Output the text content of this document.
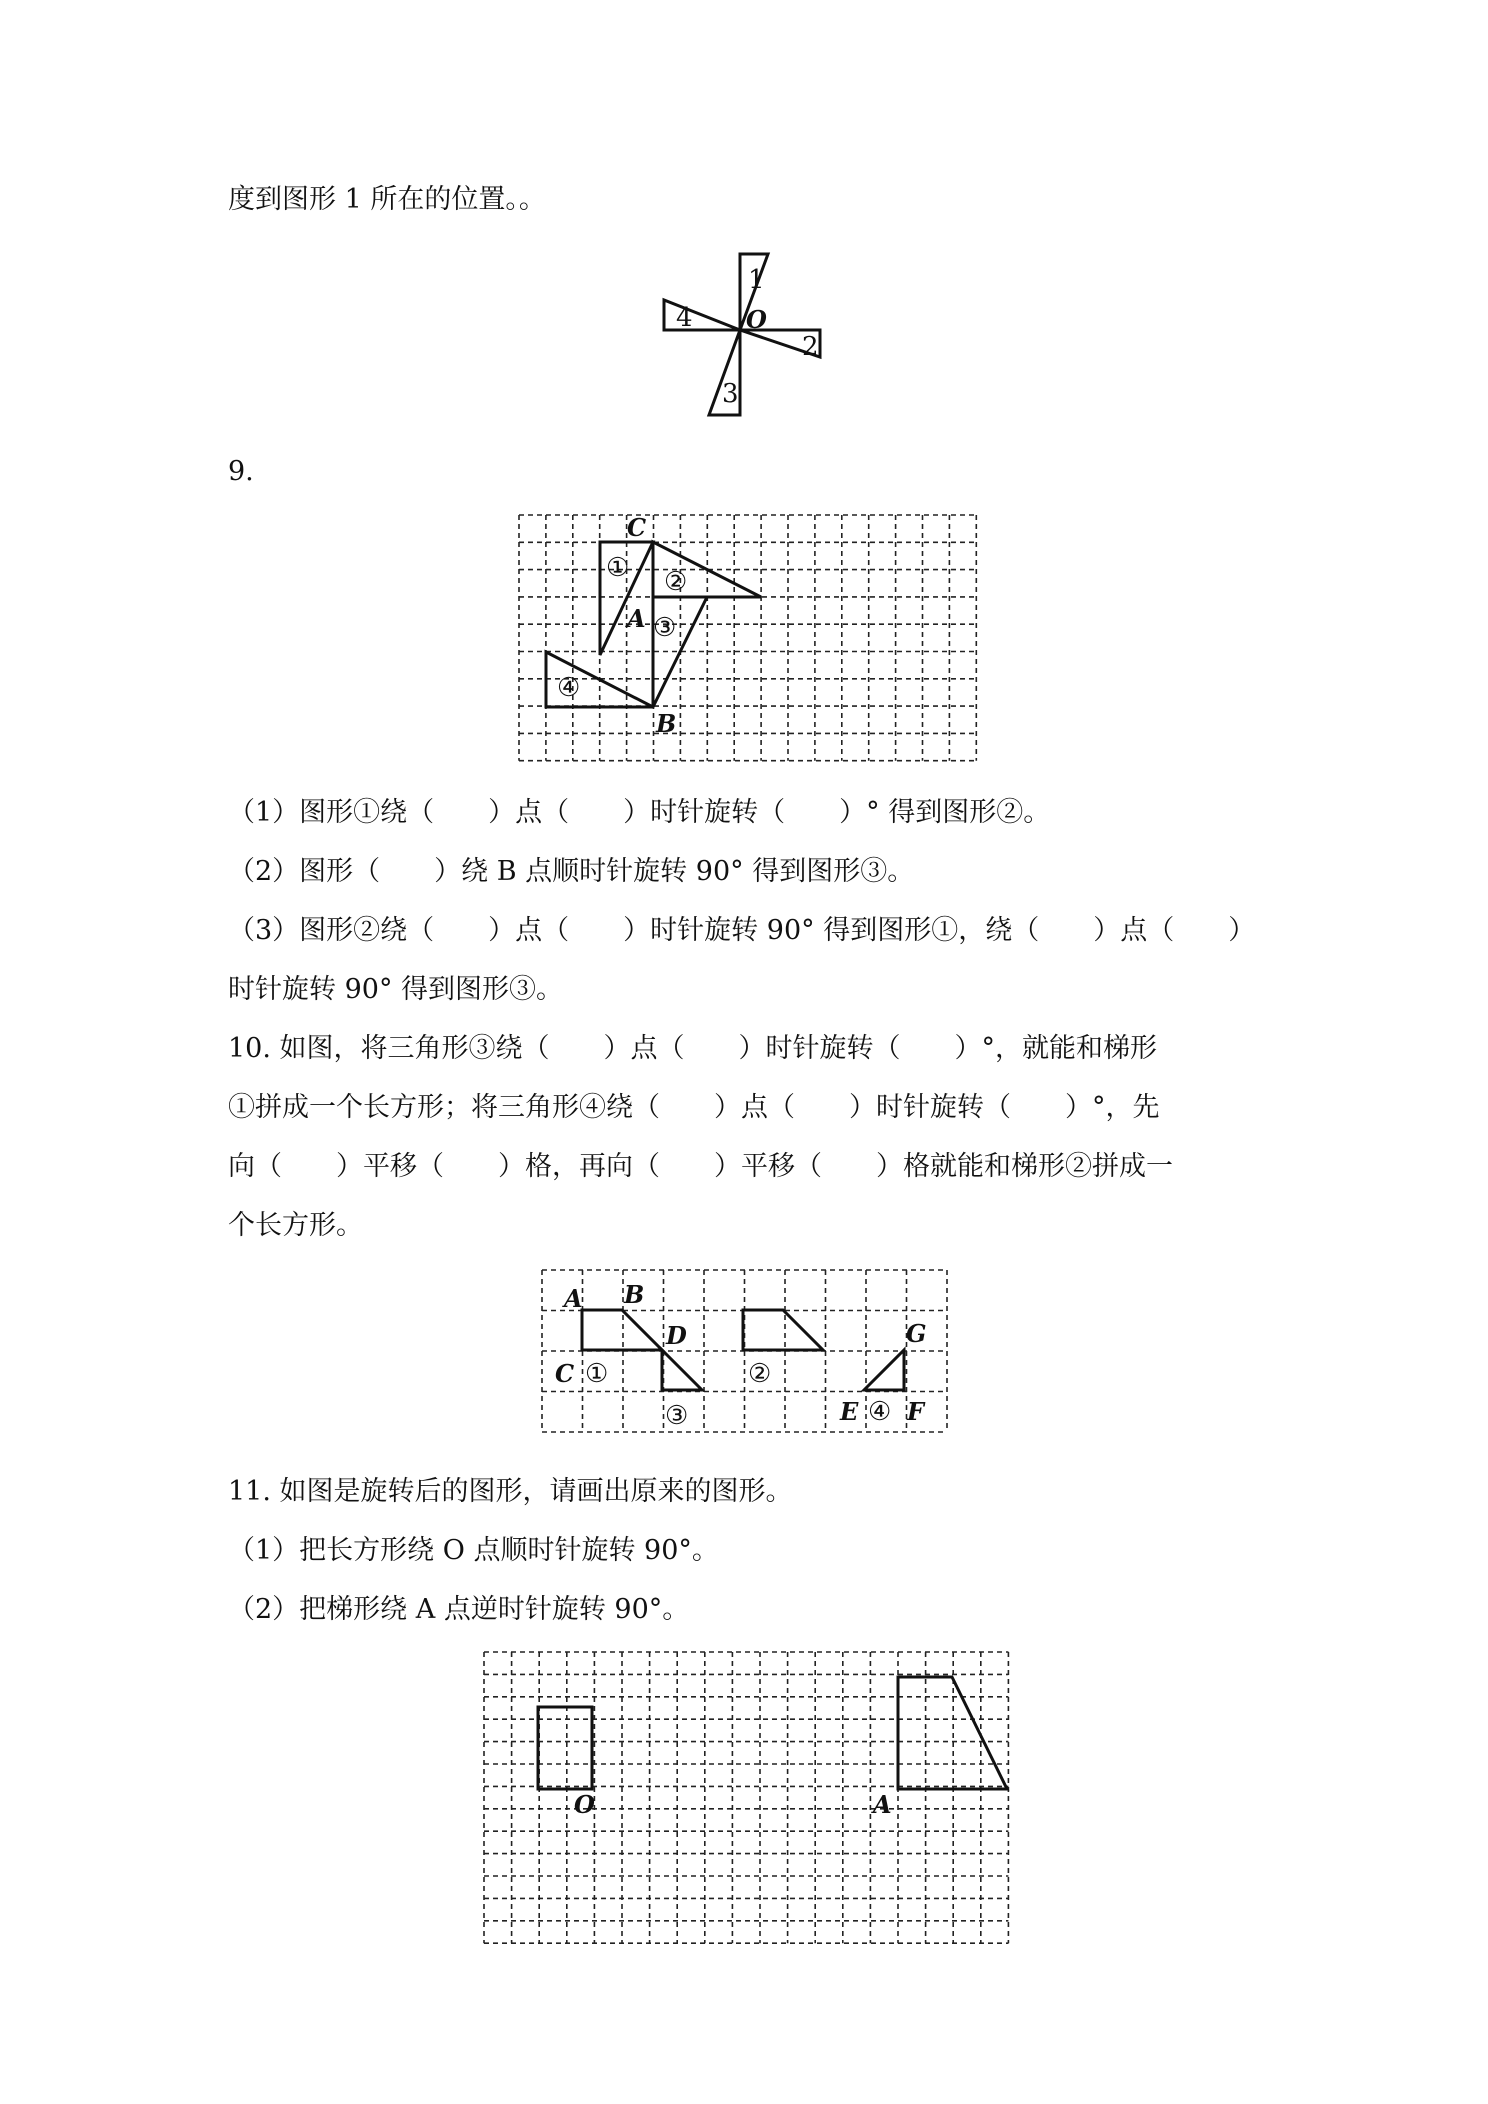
度到图形 1 所在的位置。。
1
2
3
4 O
9.
C
A
B
① ②
③
④
（1）图形①绕（　　）点（　　）时针旋转（　　）° 得到图形②。
（2）图形（　　）绕 B 点顺时针旋转 90° 得到图形③。
（3）图形②绕（　　）点（　　）时针旋转 90° 得到图形①，绕（　　）点（　　）
时针旋转 90° 得到图形③。
10. 如图，将三角形③绕（　　）点（　　）时针旋转（　　）°，就能和梯形
①拼成一个长方形；将三角形④绕（　　）点（　　）时针旋转（　　）°，先
向（　　）平移（　　）格，再向（　　）平移（　　）格就能和梯形②拼成一
个长方形。
A B
D
C
G
E F
①	②
③	④
11. 如图是旋转后的图形，请画出原来的图形。
（1）把长方形绕 O 点顺时针旋转 90°。
（2）把梯形绕 A 点逆时针旋转 90°。
O	A
